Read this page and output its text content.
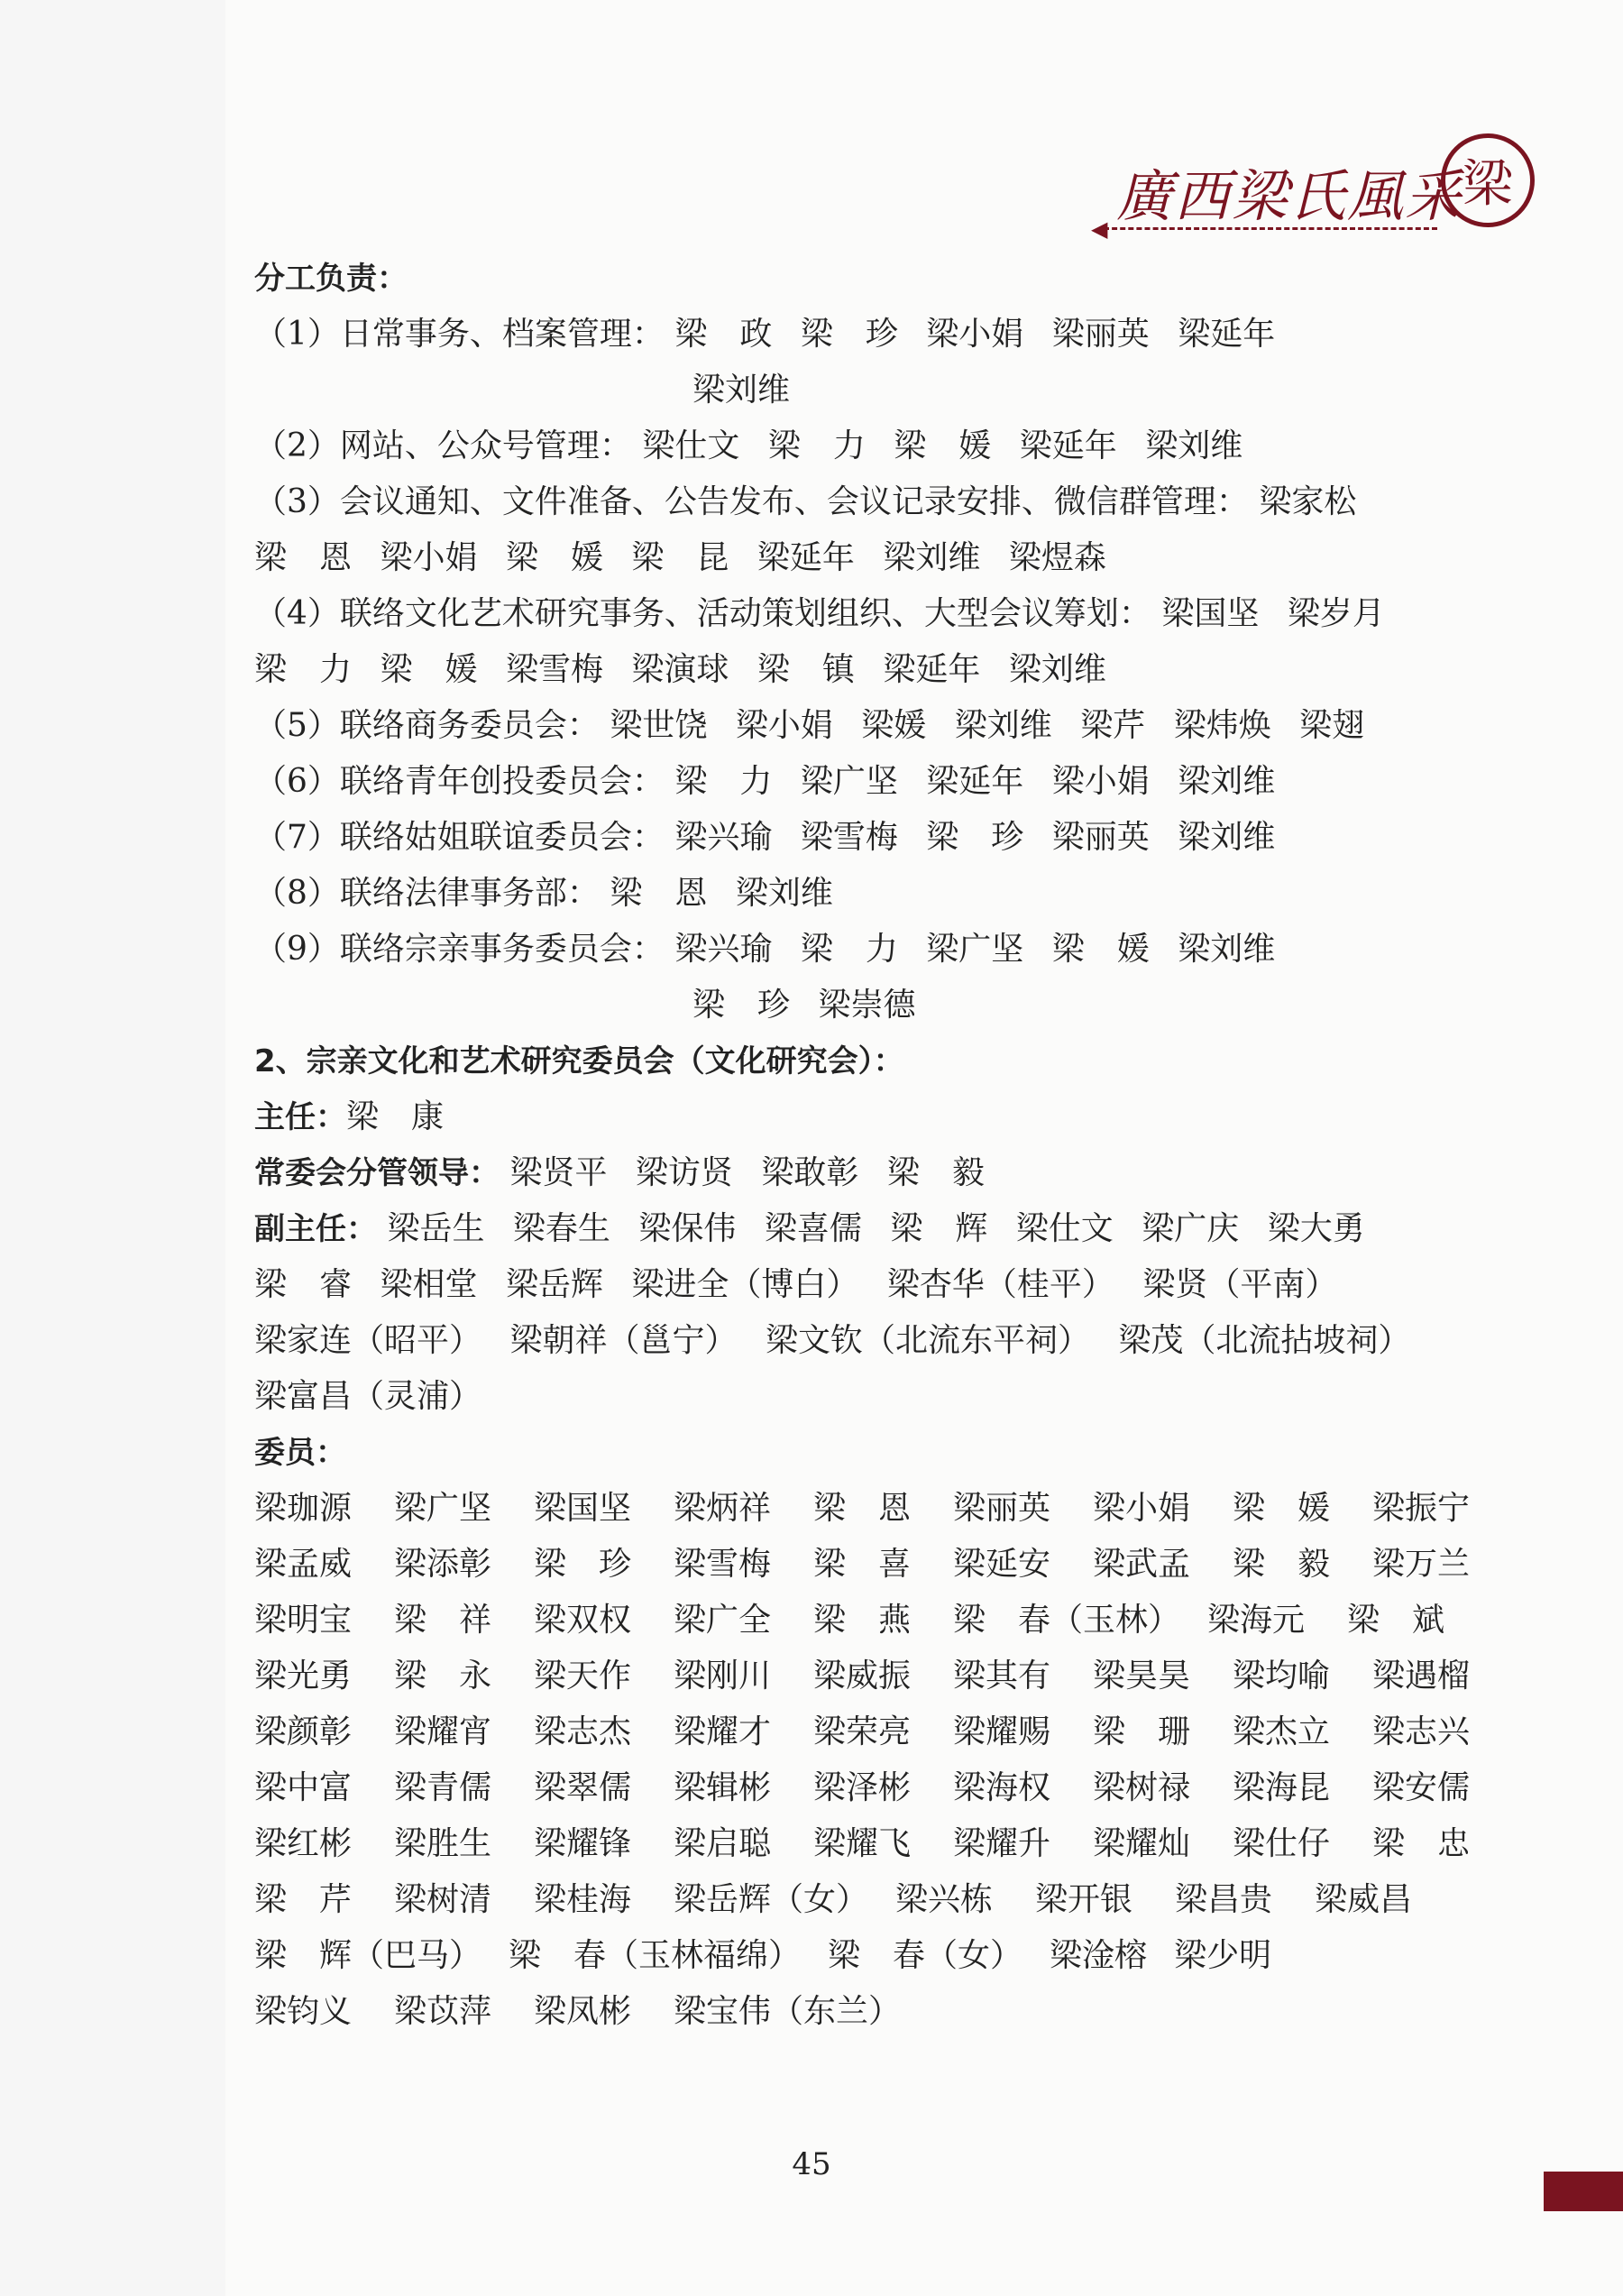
廣西梁氏風采
◀
梁
分工负责：
（1）日常事务、档案管理： 梁　政 梁　珍 梁小娟 梁丽英 梁延年
梁刘维
（2）网站、公众号管理： 梁仕文 梁　力 梁　媛 梁延年 梁刘维
（3）会议通知、文件准备、公告发布、会议记录安排、微信群管理： 梁家松
梁　恩 梁小娟 梁　媛 梁　昆 梁延年 梁刘维 梁煜森
（4）联络文化艺术研究事务、活动策划组织、大型会议筹划： 梁国坚 梁岁月
梁　力 梁　媛 梁雪梅 梁演球 梁　镇 梁延年 梁刘维
（5）联络商务委员会： 梁世饶 梁小娟 梁媛 梁刘维 梁芹 梁炜焕 梁翅
（6）联络青年创投委员会： 梁　力 梁广坚 梁延年 梁小娟 梁刘维
（7）联络姑姐联谊委员会： 梁兴瑜 梁雪梅 梁　珍 梁丽英 梁刘维
（8）联络法律事务部： 梁　恩 梁刘维
（9）联络宗亲事务委员会： 梁兴瑜 梁　力 梁广坚 梁　媛 梁刘维
梁　珍 梁崇德
2、宗亲文化和艺术研究委员会（文化研究会）：
主任：梁　康
常委会分管领导： 梁贤平 梁访贤 梁敢彰 梁　毅
副主任： 梁岳生 梁春生 梁保伟 梁喜儒 梁　辉 梁仕文 梁广庆 梁大勇
梁　睿 梁相堂 梁岳辉 梁进全（博白） 梁杏华（桂平） 梁贤（平南）
梁家连（昭平） 梁朝祥（邕宁） 梁文钦（北流东平祠） 梁茂（北流拈坡祠）
梁富昌（灵浦）
委员：
梁珈源	梁广坚	梁国坚	梁炳祥	梁　恩	梁丽英	梁小娟	梁　媛	梁振宁
梁孟威	梁添彰	梁　珍	梁雪梅	梁　喜	梁延安	梁武孟	梁　毅	梁万兰
梁明宝	梁　祥	梁双权	梁广全	梁　燕	梁　春（玉林） 梁海元	梁　斌
梁光勇	梁　永	梁天作	梁刚川	梁威振	梁其有	梁昊昊	梁均喻	梁遇榴
梁颜彰	梁耀宵	梁志杰	梁耀才	梁荣亮	梁耀赐	梁　珊	梁杰立	梁志兴
梁中富	梁青儒	梁翠儒	梁辑彬	梁泽彬	梁海权	梁树禄	梁海昆	梁安儒
梁红彬	梁胜生	梁耀锋	梁启聪	梁耀飞	梁耀升	梁耀灿	梁仕仔	梁　忠
梁　芹	梁树清	梁桂海	梁岳辉（女） 梁兴栋	梁开银	梁昌贵	梁威昌
梁　辉（巴马） 梁　春（玉林福绵） 梁　春（女） 梁淦榕 梁少明
梁钧义	梁苡萍	梁凤彬	梁宝伟（东兰）
45
